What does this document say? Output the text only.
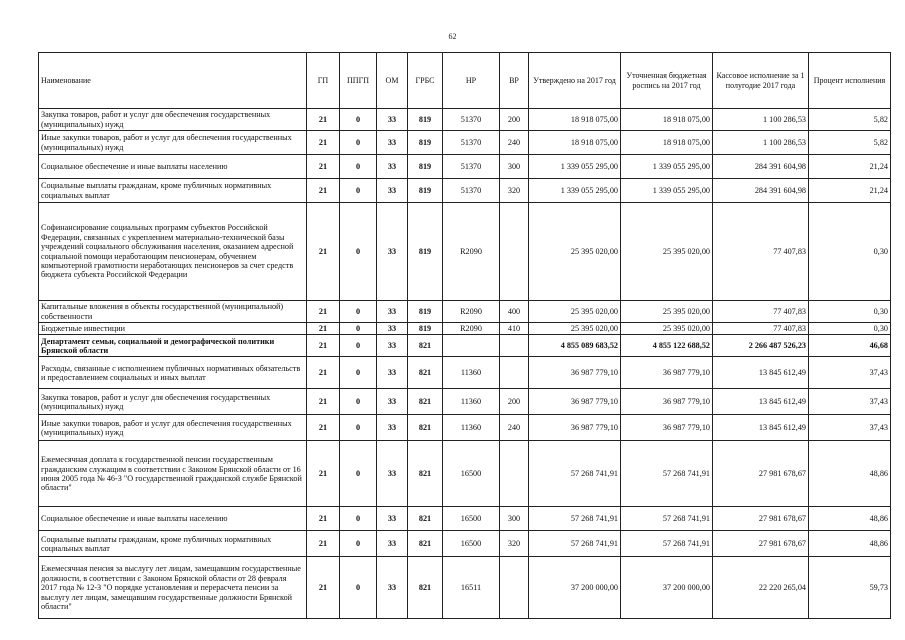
62
Наименование	ГП	ППГП	ОМ	ГРБС	НР	ВР	Утверждено на 2017 год	Уточненная бюджетная роспись на 2017 год	Кассовое исполнение за 1 полугодие 2017 года	Процент исполнения
Закупка товаров, работ и услуг для обеспечения государственных (муниципальных) нужд	21	0	33	819	51370	200	18 918 075,00	18 918 075,00	1 100 286,53	5,82
Иные закупки товаров, работ и услуг для обеспечения государственных (муниципальных) нужд	21	0	33	819	51370	240	18 918 075,00	18 918 075,00	1 100 286,53	5,82
Социальное обеспечение и иные выплаты населению	21	0	33	819	51370	300	1 339 055 295,00	1 339 055 295,00	284 391 604,98	21,24
Социальные выплаты гражданам, кроме публичных нормативных социальных выплат	21	0	33	819	51370	320	1 339 055 295,00	1 339 055 295,00	284 391 604,98	21,24
Софинансирование социальных программ субъектов Российской Федерации, связанных с укреплением материально-технической базы учреждений социального обслуживания населения, оказанием адресной социальной помощи неработающим пенсионерам, обучением компьютерной грамотности неработающих пенсионеров за счет средств бюджета субъекта Российской Федерации	21	0	33	819	R2090		25 395 020,00	25 395 020,00	77 407,83	0,30
Капитальные вложения в объекты государственной (муниципальной) собственности	21	0	33	819	R2090	400	25 395 020,00	25 395 020,00	77 407,83	0,30
Бюджетные инвестиции	21	0	33	819	R2090	410	25 395 020,00	25 395 020,00	77 407,83	0,30
Департамент семьи, социальной и демографической политики Брянской области	21	0	33	821			4 855 089 683,52	4 855 122 688,52	2 266 487 526,23	46,68
Расходы, связанные с исполнением публичных нормативных обязательств и предоставлением социальных и иных выплат	21	0	33	821	11360		36 987 779,10	36 987 779,10	13 845 612,49	37,43
Закупка товаров, работ и услуг для обеспечения государственных (муниципальных) нужд	21	0	33	821	11360	200	36 987 779,10	36 987 779,10	13 845 612,49	37,43
Иные закупки товаров, работ и услуг для обеспечения государственных (муниципальных) нужд	21	0	33	821	11360	240	36 987 779,10	36 987 779,10	13 845 612,49	37,43
Ежемесячная доплата к государственной пенсии государственным гражданским служащим в соответствии с Законом Брянской области от 16 июня 2005 года № 46-З "О государственной гражданской службе Брянской области"	21	0	33	821	16500		57 268 741,91	57 268 741,91	27 981 678,67	48,86
Социальное обеспечение и иные выплаты населению	21	0	33	821	16500	300	57 268 741,91	57 268 741,91	27 981 678,67	48,86
Социальные выплаты гражданам, кроме публичных нормативных социальных выплат	21	0	33	821	16500	320	57 268 741,91	57 268 741,91	27 981 678,67	48,86
Ежемесячная пенсия за выслугу лет лицам, замещавшим государственные должности, в соответствии с Законом Брянской области от 28 февраля 2017 года № 12-З "О порядке установления и перерасчета пенсии за выслугу лет лицам, замещавшим государственные должности Брянской области"	21	0	33	821	16511		37 200 000,00	37 200 000,00	22 220 265,04	59,73
